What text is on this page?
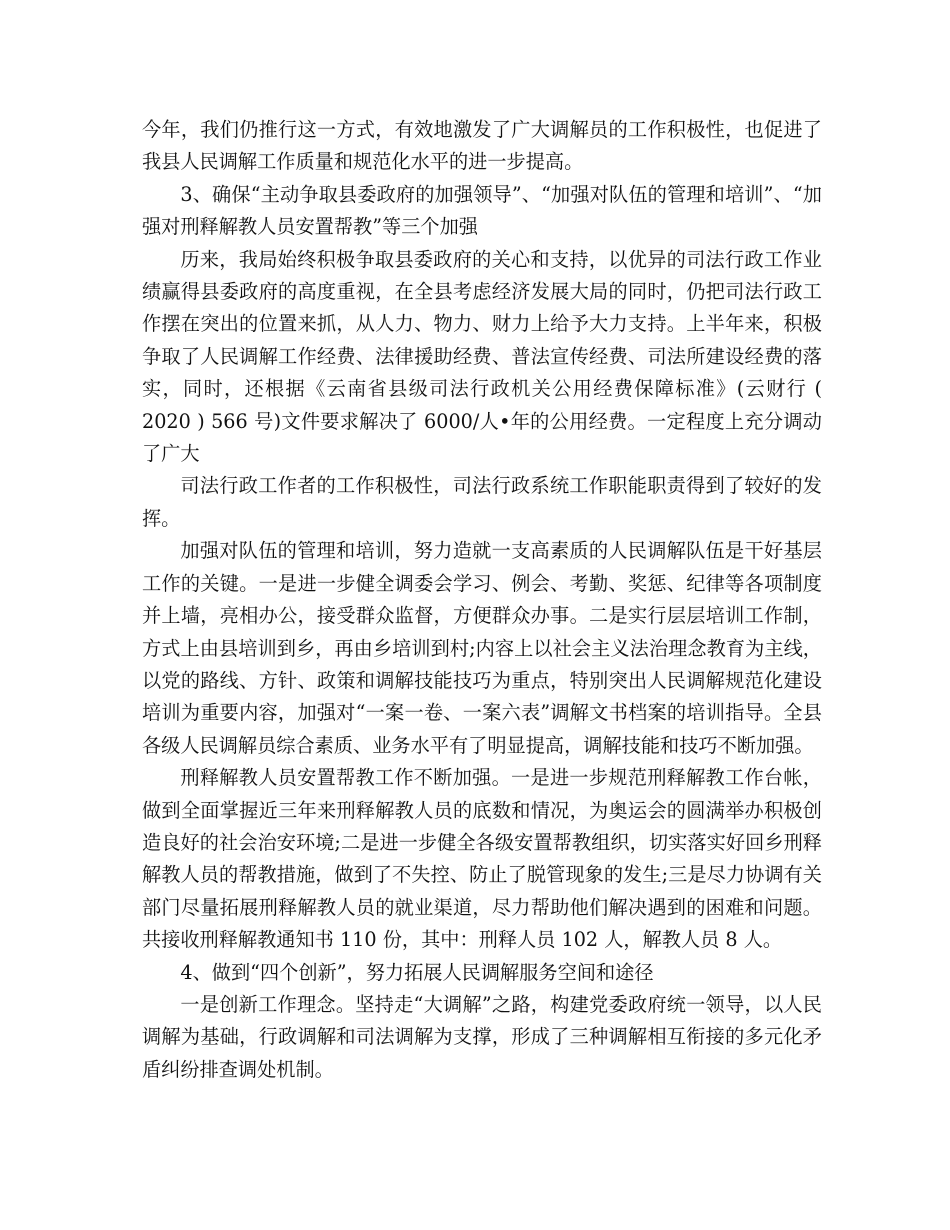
今年，我们仍推行这一方式，有效地激发了广大调解员的工作积极性，也促进了我县人民调解工作质量和规范化水平的进一步提高。

3、确保“主动争取县委政府的加强领导”、“加强对队伍的管理和培训”、“加强对刑释解教人员安置帮教”等三个加强

历来，我局始终积极争取县委政府的关心和支持，以优异的司法行政工作业绩赢得县委政府的高度重视，在全县考虑经济发展大局的同时，仍把司法行政工作摆在突出的位置来抓，从人力、物力、财力上给予大力支持。上半年来，积极争取了人民调解工作经费、法律援助经费、普法宣传经费、司法所建设经费的落实，同时，还根据《云南省县级司法行政机关公用经费保障标准》(云财行 ( 2020 ) 566 号)文件要求解决了 6000/人•年的公用经费。一定程度上充分调动了广大

司法行政工作者的工作积极性，司法行政系统工作职能职责得到了较好的发挥。

加强对队伍的管理和培训，努力造就一支高素质的人民调解队伍是干好基层工作的关键。一是进一步健全调委会学习、例会、考勤、奖惩、纪律等各项制度并上墙，亮相办公，接受群众监督，方便群众办事。二是实行层层培训工作制，方式上由县培训到乡，再由乡培训到村;内容上以社会主义法治理念教育为主线，以党的路线、方针、政策和调解技能技巧为重点，特别突出人民调解规范化建设培训为重要内容，加强对“一案一卷、一案六表”调解文书档案的培训指导。全县各级人民调解员综合素质、业务水平有了明显提高，调解技能和技巧不断加强。

刑释解教人员安置帮教工作不断加强。一是进一步规范刑释解教工作台帐，做到全面掌握近三年来刑释解教人员的底数和情况，为奥运会的圆满举办积极创造良好的社会治安环境;二是进一步健全各级安置帮教组织，切实落实好回乡刑释解教人员的帮教措施，做到了不失控、防止了脱管现象的发生;三是尽力协调有关部门尽量拓展刑释解教人员的就业渠道，尽力帮助他们解决遇到的困难和问题。共接收刑释解教通知书 110 份，其中：刑释人员 102 人，解教人员 8 人。

4、做到“四个创新”，努力拓展人民调解服务空间和途径

一是创新工作理念。坚持走“大调解”之路，构建党委政府统一领导，以人民调解为基础，行政调解和司法调解为支撑，形成了三种调解相互衔接的多元化矛盾纠纷排查调处机制。
